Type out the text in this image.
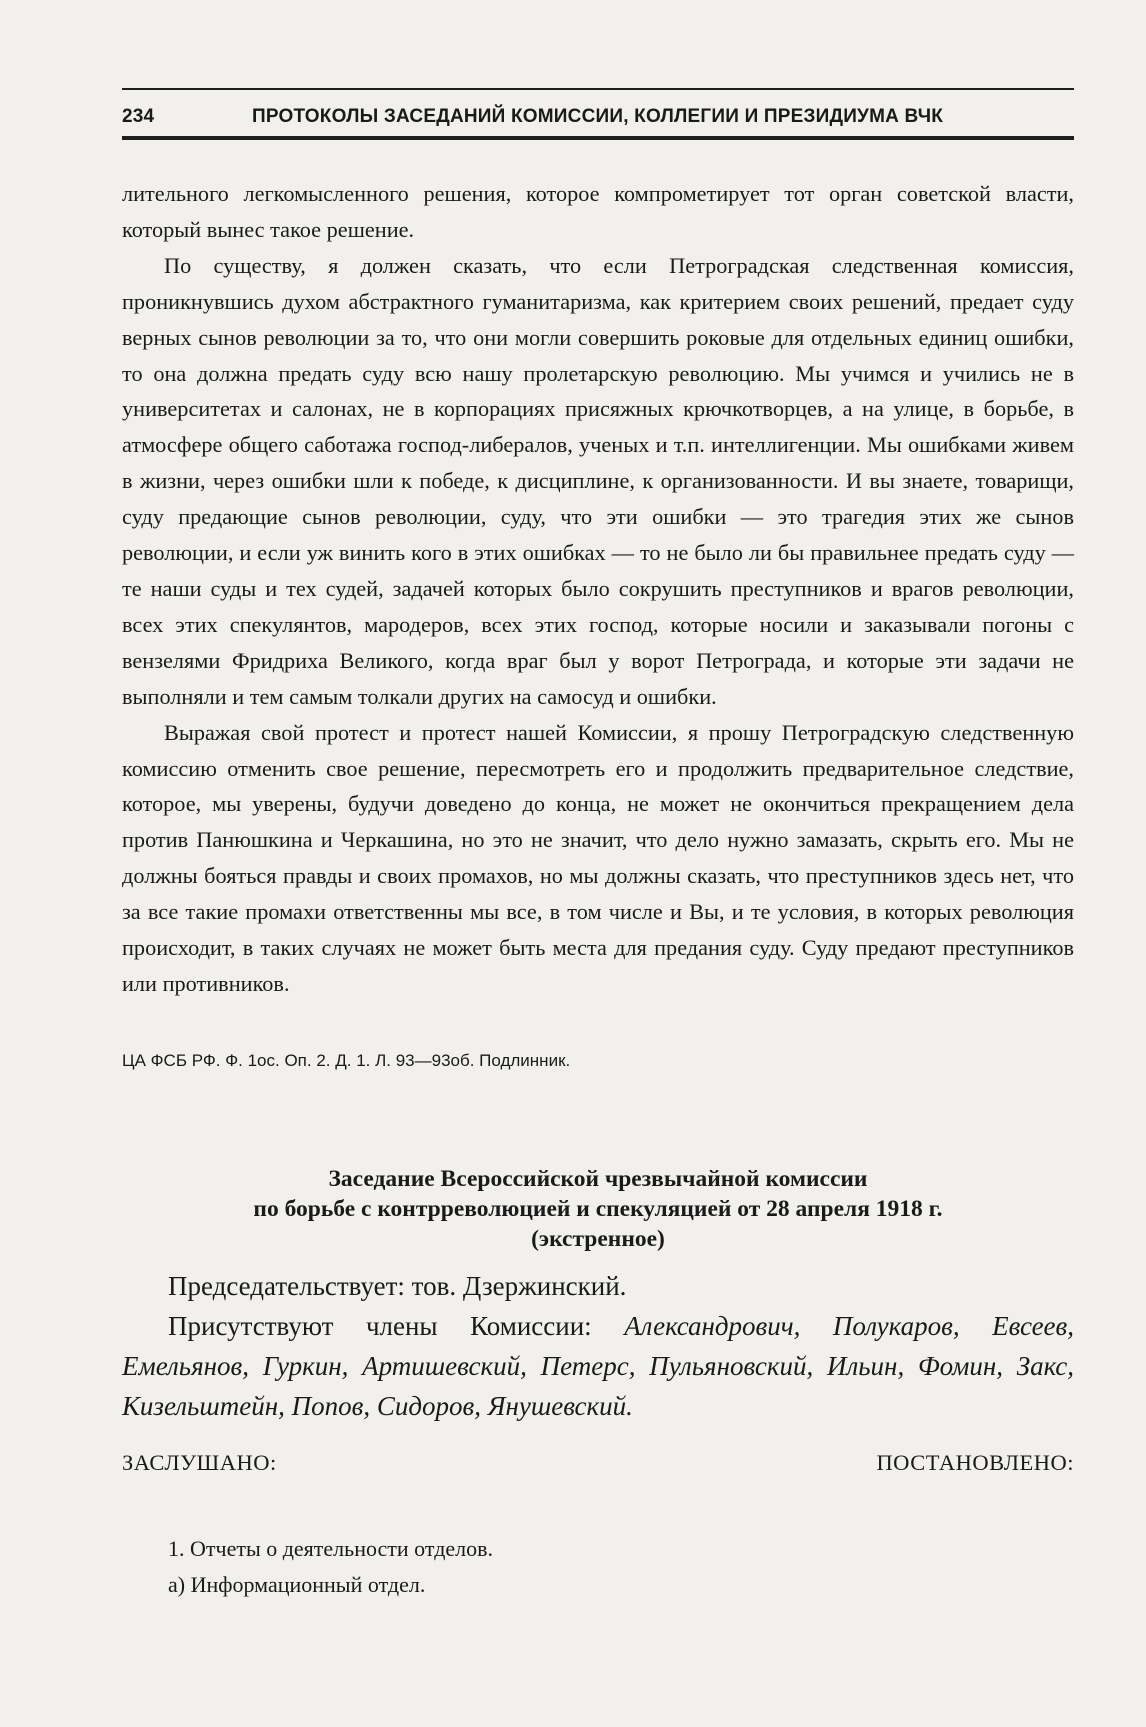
234	ПРОТОКОЛЫ ЗАСЕДАНИЙ КОМИССИИ, КОЛЛЕГИИ И ПРЕЗИДИУМА ВЧК

лительного легкомысленного решения, которое компрометирует тот орган советской власти, который вынес такое решение.

По существу, я должен сказать, что если Петроградская следственная комиссия, проникнувшись духом абстрактного гуманитаризма, как критерием своих решений, предает суду верных сынов революции за то, что они могли совершить роковые для отдельных единиц ошибки, то она должна предать суду всю нашу пролетарскую революцию. Мы учимся и учились не в университетах и салонах, не в корпорациях присяжных крючкотворцев, а на улице, в борьбе, в атмосфере общего саботажа господ-либералов, ученых и т.п. интеллигенции. Мы ошибками живем в жизни, через ошибки шли к победе, к дисциплине, к организованности. И вы знаете, товарищи, суду предающие сынов революции, суду, что эти ошибки — это трагедия этих же сынов революции, и если уж винить кого в этих ошибках — то не было ли бы правильнее предать суду — те наши суды и тех судей, задачей которых было сокрушить преступников и врагов революции, всех этих спекулянтов, мародеров, всех этих господ, которые носили и заказывали погоны с вензелями Фридриха Великого, когда враг был у ворот Петрограда, и которые эти задачи не выполняли и тем самым толкали других на самосуд и ошибки.

Выражая свой протест и протест нашей Комиссии, я прошу Петроградскую следственную комиссию отменить свое решение, пересмотреть его и продолжить предварительное следствие, которое, мы уверены, будучи доведено до конца, не может не окончиться прекращением дела против Панюшкина и Черкашина, но это не значит, что дело нужно замазать, скрыть его. Мы не должны бояться правды и своих промахов, но мы должны сказать, что преступников здесь нет, что за все такие промахи ответственны мы все, в том числе и Вы, и те условия, в которых революция происходит, в таких случаях не может быть места для предания суду. Суду предают преступников или противников.

ЦА ФСБ РФ. Ф. 1ос. Оп. 2. Д. 1. Л. 93—93об. Подлинник.
Заседание Всероссийской чрезвычайной комиссии
по борьбе с контрреволюцией и спекуляцией от 28 апреля 1918 г.
(экстренное)

Председательствует: тов. Дзержинский.

Присутствуют члены Комиссии: Александрович, Полукаров, Евсеев, Емельянов, Гуркин, Артишевский, Петерс, Пульяновский, Ильин, Фомин, Закс, Кизельштейн, Попов, Сидоров, Янушевский.

ЗАСЛУШАНО:	ПОСТАНОВЛЕНО:
1. Отчеты о деятельности отделов.
а) Информационный отдел.
